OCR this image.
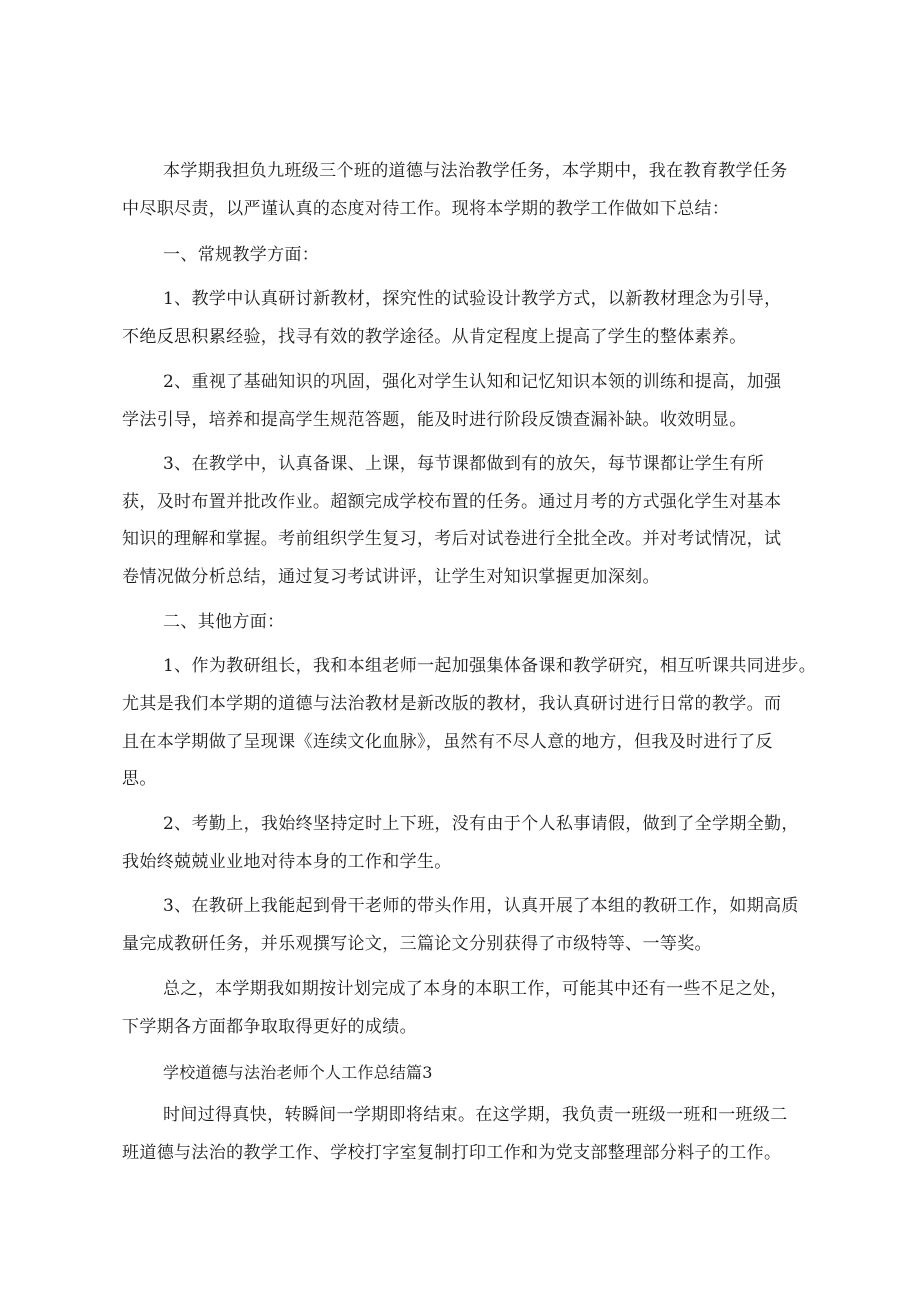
本学期我担负九班级三个班的道德与法治教学任务，本学期中，我在教育教学任务

中尽职尽责，以严谨认真的态度对待工作。现将本学期的教学工作做如下总结：

一、常规教学方面：

1、教学中认真研讨新教材，探究性的试验设计教学方式，以新教材理念为引导，

不绝反思积累经验，找寻有效的教学途径。从肯定程度上提高了学生的整体素养。

2、重视了基础知识的巩固，强化对学生认知和记忆知识本领的训练和提高，加强

学法引导，培养和提高学生规范答题，能及时进行阶段反馈查漏补缺。收效明显。

3、在教学中，认真备课、上课，每节课都做到有的放矢，每节课都让学生有所

获，及时布置并批改作业。超额完成学校布置的任务。通过月考的方式强化学生对基本

知识的理解和掌握。考前组织学生复习，考后对试卷进行全批全改。并对考试情况，试

卷情况做分析总结，通过复习考试讲评，让学生对知识掌握更加深刻。

二、其他方面：

1、作为教研组长，我和本组老师一起加强集体备课和教学研究，相互听课共同进步。

尤其是我们本学期的道德与法治教材是新改版的教材，我认真研讨进行日常的教学。而

且在本学期做了呈现课《连续文化血脉》，虽然有不尽人意的地方，但我及时进行了反

思。

2、考勤上，我始终坚持定时上下班，没有由于个人私事请假，做到了全学期全勤，

我始终兢兢业业地对待本身的工作和学生。

3、在教研上我能起到骨干老师的带头作用，认真开展了本组的教研工作，如期高质

量完成教研任务，并乐观撰写论文，三篇论文分别获得了市级特等、一等奖。

总之，本学期我如期按计划完成了本身的本职工作，可能其中还有一些不足之处，

下学期各方面都争取取得更好的成绩。

学校道德与法治老师个人工作总结篇3

时间过得真快，转瞬间一学期即将结束。在这学期，我负责一班级一班和一班级二

班道德与法治的教学工作、学校打字室复制打印工作和为党支部整理部分料子的工作。
